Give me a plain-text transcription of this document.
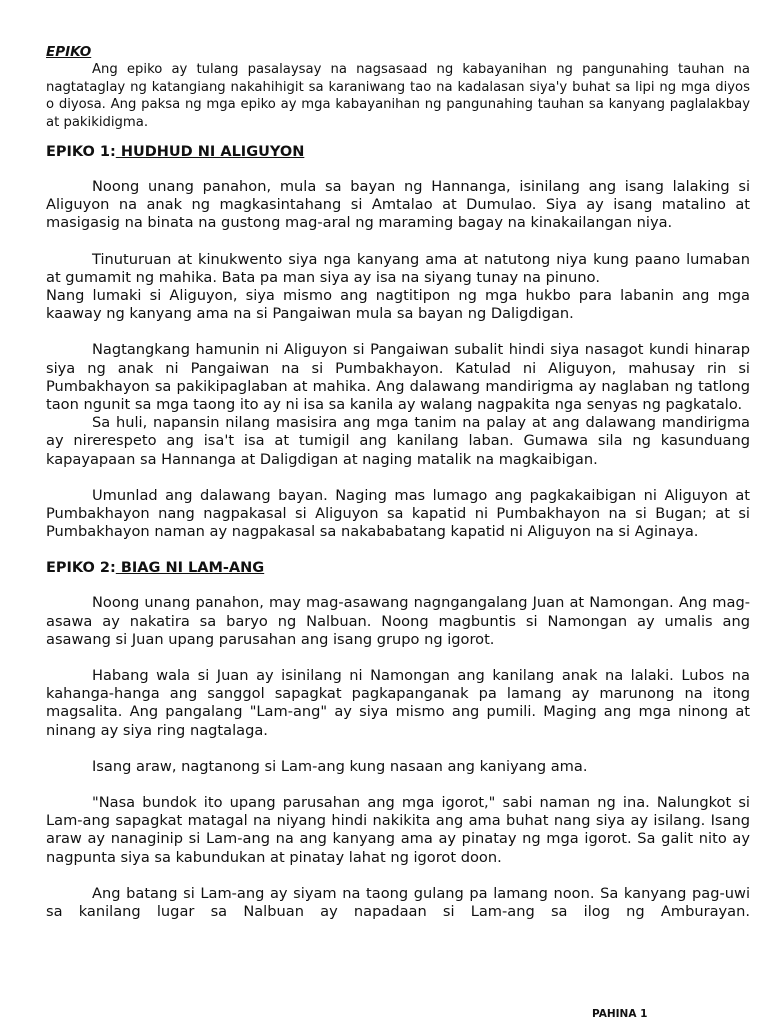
EPIKO

Ang epiko ay tulang pasalaysay na nagsasaad ng kabayanihan ng pangunahing tauhan na nagtataglay ng katangiang nakahihigit sa karaniwang tao na kadalasan siya'y buhat sa lipi ng mga diyos o diyosa. Ang paksa ng mga epiko ay mga kabayanihan ng pangunahing tauhan sa kanyang paglalakbay at pakikidigma.

EPIKO 1: HUDHUD NI ALIGUYON

Noong unang panahon, mula sa bayan ng Hannanga, isinilang ang isang lalaking si Aliguyon na anak ng magkasintahang si Amtalao at Dumulao. Siya ay isang matalino at masigasig na binata na gustong mag-aral ng maraming bagay na kinakailangan niya.

Tinuturuan at kinukwento siya nga kanyang ama at natutong niya kung paano lumaban at gumamit ng mahika. Bata pa man siya ay isa na siyang tunay na pinuno.

Nang lumaki si Aliguyon, siya mismo ang nagtitipon ng mga hukbo para labanin ang mga kaaway ng kanyang ama na si Pangaiwan mula sa bayan ng Daligdigan.

Nagtangkang hamunin ni Aliguyon si Pangaiwan subalit hindi siya nasagot kundi hinarap siya ng anak ni Pangaiwan na si Pumbakhayon. Katulad ni Aliguyon, mahusay rin si Pumbakhayon sa pakikipaglaban at mahika. Ang dalawang mandirigma ay naglaban ng tatlong taon ngunit sa mga taong ito ay ni isa sa kanila ay walang nagpakita nga senyas ng pagkatalo.

Sa huli, napansin nilang masisira ang mga tanim na palay at ang dalawang mandirigma ay nirerespeto ang isa't isa at tumigil ang kanilang laban. Gumawa sila ng kasunduang kapayapaan sa Hannanga at Daligdigan at naging matalik na magkaibigan.

Umunlad ang dalawang bayan. Naging mas lumago ang pagkakaibigan ni Aliguyon at Pumbakhayon nang nagpakasal si Aliguyon sa kapatid ni Pumbakhayon na si Bugan; at si Pumbakhayon naman ay nagpakasal sa nakababatang kapatid ni Aliguyon na si Aginaya.

EPIKO 2: BIAG NI LAM-ANG

Noong unang panahon, may mag-asawang nagngangalang Juan at Namongan. Ang mag-asawa ay nakatira sa baryo ng Nalbuan. Noong magbuntis si Namongan ay umalis ang asawang si Juan upang parusahan ang isang grupo ng igorot.

Habang wala si Juan ay isinilang ni Namongan ang kanilang anak na lalaki. Lubos na kahanga-hanga ang sanggol sapagkat pagkapanganak pa lamang ay marunong na itong magsalita. Ang pangalang "Lam-ang" ay siya mismo ang pumili. Maging ang mga ninong at ninang ay siya ring nagtalaga.

Isang araw, nagtanong si Lam-ang kung nasaan ang kaniyang ama.

"Nasa bundok ito upang parusahan ang mga igorot," sabi naman ng ina. Nalungkot si Lam-ang sapagkat matagal na niyang hindi nakikita ang ama buhat nang siya ay isilang. Isang araw ay nanaginip si Lam-ang na ang kanyang ama ay pinatay ng mga igorot. Sa galit nito ay nagpunta siya sa kabundukan at pinatay lahat ng igorot doon.

Ang batang si Lam-ang ay siyam na taong gulang pa lamang noon. Sa kanyang pag-uwi sa kanilang lugar sa Nalbuan ay napadaan si Lam-ang sa ilog ng Amburayan.

PAHINA 1
